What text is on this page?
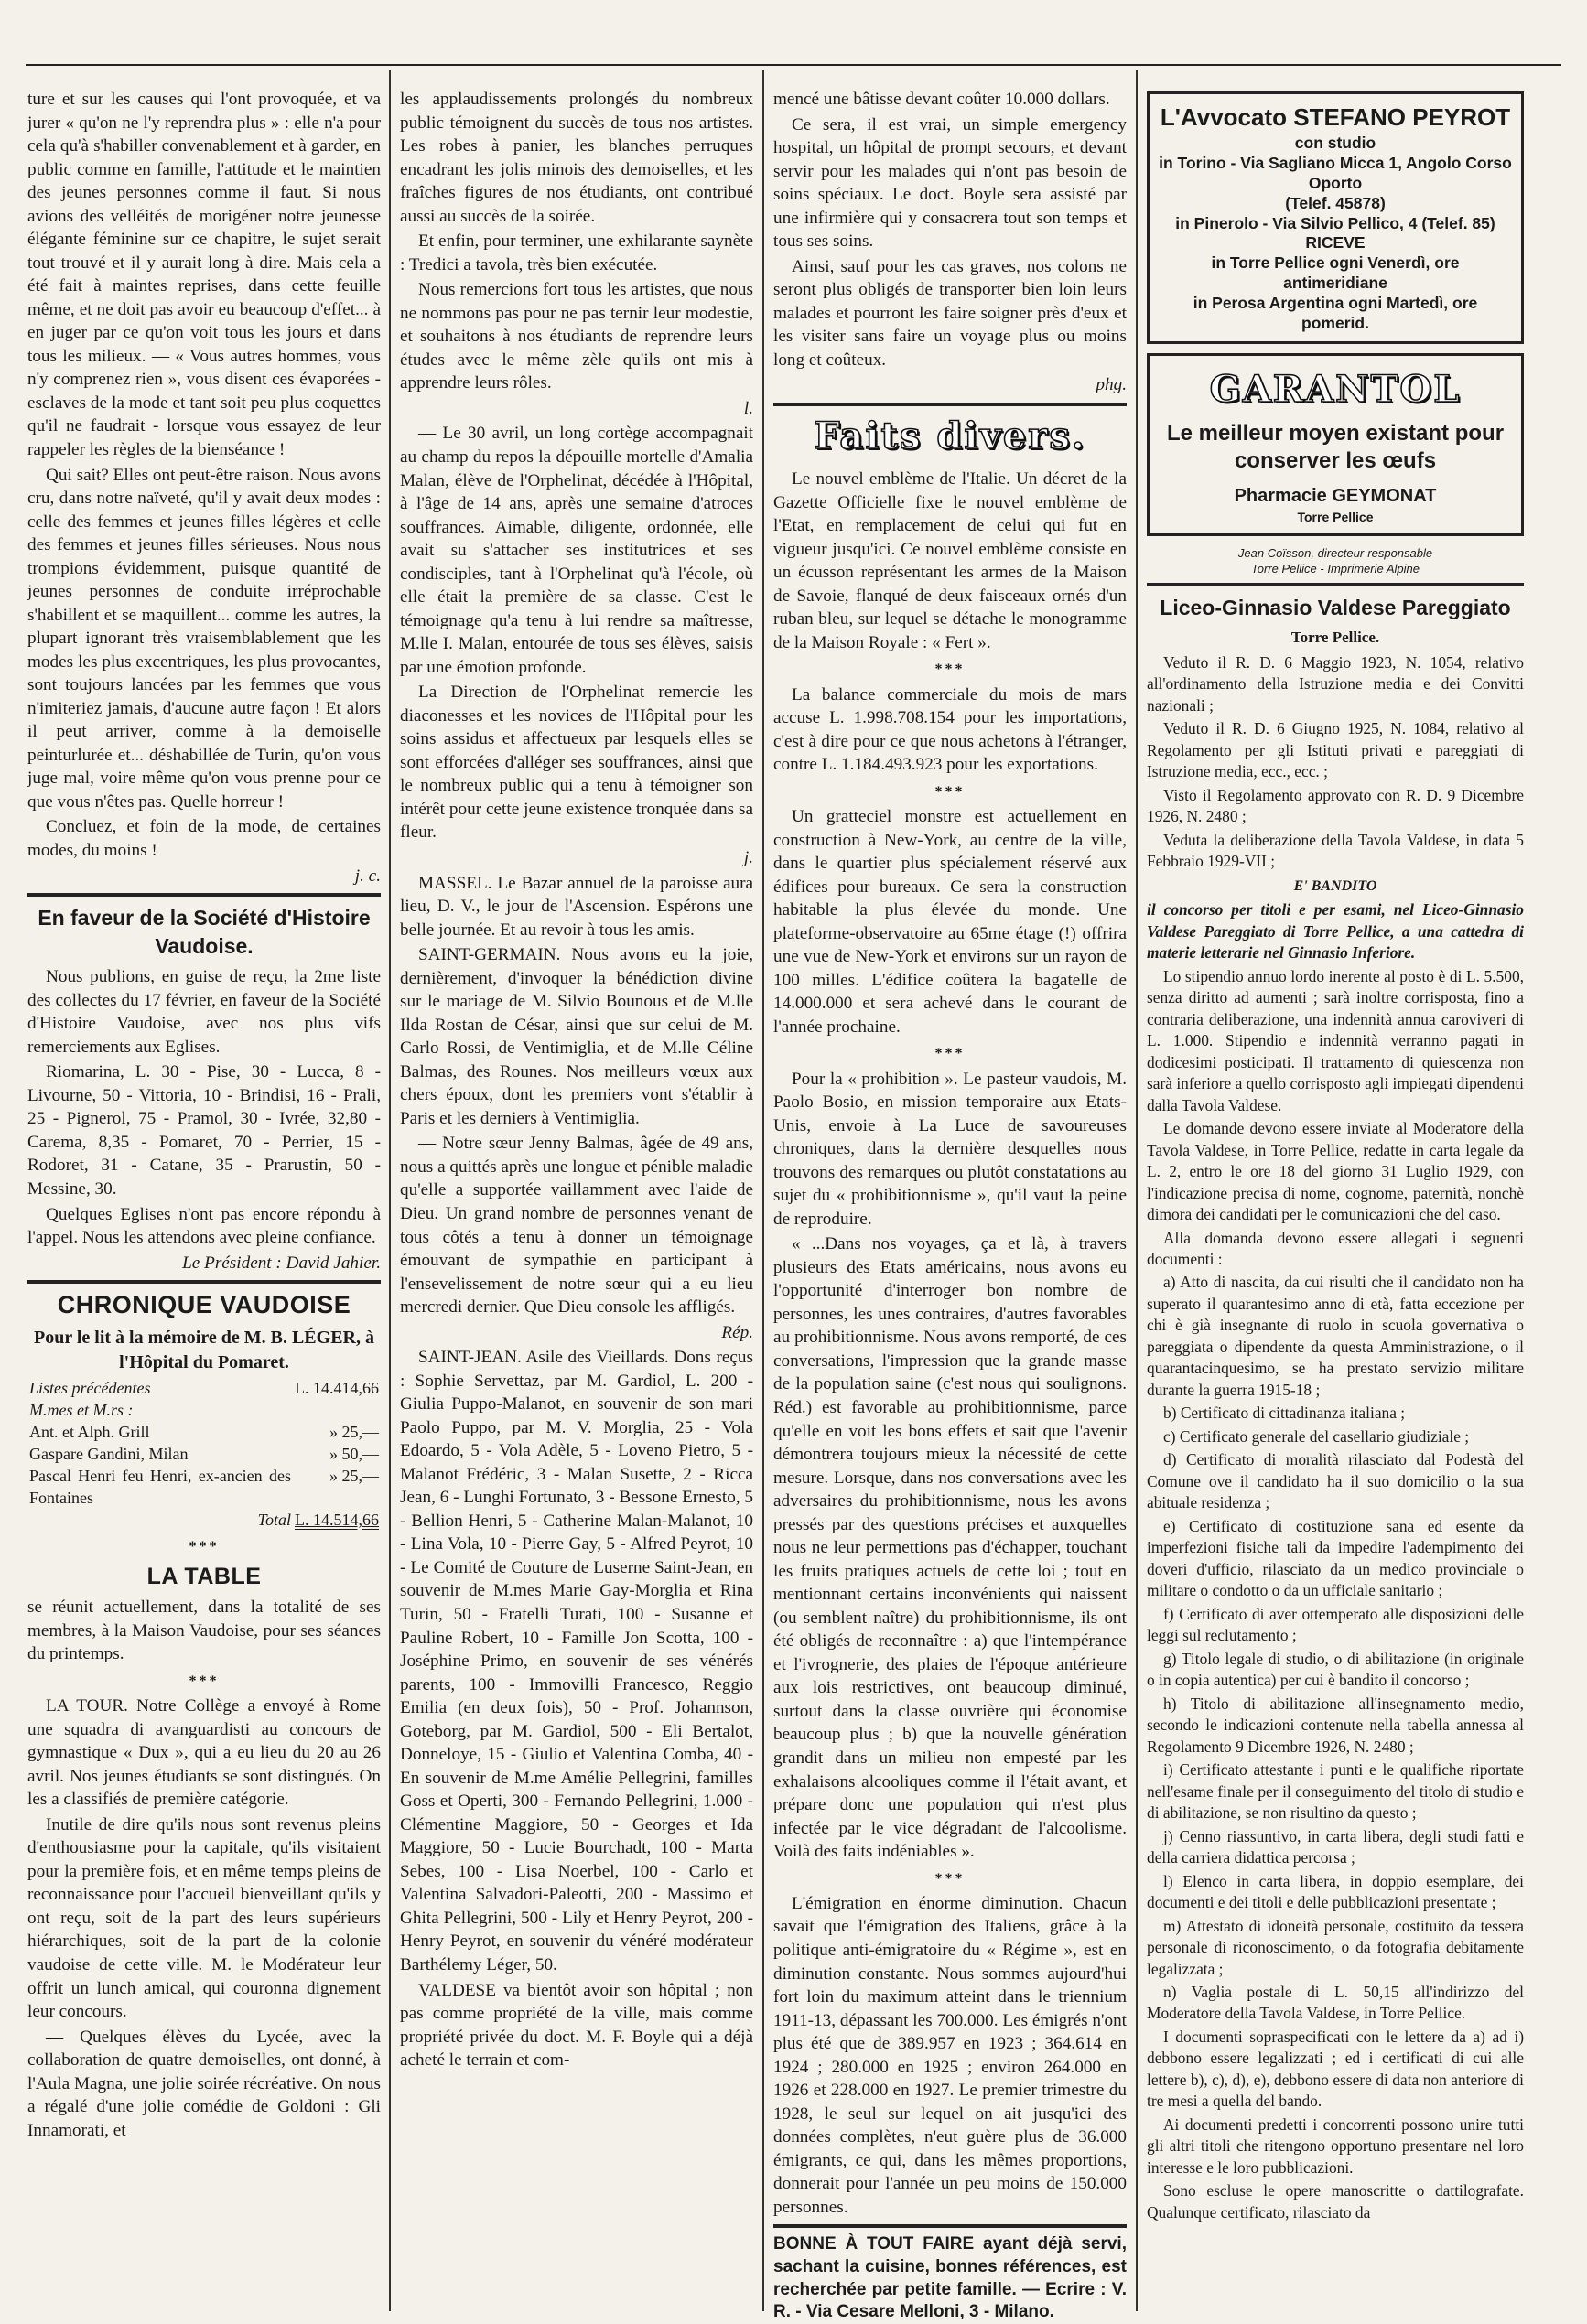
ture et sur les causes qui l'ont provoquée, et va jurer « qu'on ne l'y reprendra plus » : elle n'a pour cela qu'à s'habiller convenablement et à garder, en public comme en famille, l'attitude et le maintien des jeunes personnes comme il faut. Si nous avions des velléités de morigéner notre jeunesse élégante féminine sur ce chapitre, le sujet serait tout trouvé et il y aurait long à dire. Mais cela a été fait à maintes reprises, dans cette feuille même, et ne doit pas avoir eu beaucoup d'effet... à en juger par ce qu'on voit tous les jours et dans tous les milieux. — « Vous autres hommes, vous n'y comprenez rien », vous disent ces évaporées - esclaves de la mode et tant soit peu plus coquettes qu'il ne faudrait - lorsque vous essayez de leur rappeler les règles de la bienséance !

Qui sait? Elles ont peut-être raison. Nous avons cru, dans notre naïveté, qu'il y avait deux modes : celle des femmes et jeunes filles légères et celle des femmes et jeunes filles sérieuses. Nous nous trompions évidemment, puisque quantité de jeunes personnes de conduite irréprochable s'habillent et se maquillent... comme les autres, la plupart ignorant très vraisemblablement que les modes les plus excentriques, les plus provocantes, sont toujours lancées par les femmes que vous n'imiteriez jamais, d'aucune autre façon ! Et alors il peut arriver, comme à la demoiselle peinturlurée et... déshabillée de Turin, qu'on vous juge mal, voire même qu'on vous prenne pour ce que vous n'êtes pas. Quelle horreur !

Concluez, et foin de la mode, de certaines modes, du moins !

j. c.

En faveur de la Société d'Histoire Vaudoise.

Nous publions, en guise de reçu, la 2me liste des collectes du 17 février, en faveur de la Société d'Histoire Vaudoise, avec nos plus vifs remerciements aux Eglises.

Riomarina, L. 30 - Pise, 30 - Lucca, 8 - Livourne, 50 - Vittoria, 10 - Brindisi, 16 - Prali, 25 - Pignerol, 75 - Pramol, 30 - Ivrée, 32,80 - Carema, 8,35 - Pomaret, 70 - Perrier, 15 - Rodoret, 31 - Catane, 35 - Prarustin, 50 - Messine, 30.

Quelques Eglises n'ont pas encore répondu à l'appel. Nous les attendons avec pleine confiance.

Le Président : David Jahier.

CHRONIQUE VAUDOISE
Pour le lit à la mémoire de M. B. LÉGER, à l'Hôpital du Pomaret.
Listes précédentes	L. 14.414,66
M.mes et M.rs :	
Ant. et Alph. Grill	» 25,—
Gaspare Gandini, Milan	» 50,—
Pascal Henri feu Henri, ex-ancien des Fontaines	» 25,—
Total	L. 14.514,66
***
LA TABLE

se réunit actuellement, dans la totalité de ses membres, à la Maison Vaudoise, pour ses séances du printemps.

***

LA TOUR. Notre Collège a envoyé à Rome une squadra di avanguardisti au concours de gymnastique « Dux », qui a eu lieu du 20 au 26 avril. Nos jeunes étudiants se sont distingués. On les a classifiés de première catégorie.

Inutile de dire qu'ils nous sont revenus pleins d'enthousiasme pour la capitale, qu'ils visitaient pour la première fois, et en même temps pleins de reconnaissance pour l'accueil bienveillant qu'ils y ont reçu, soit de la part des leurs supérieurs hiérarchiques, soit de la part de la colonie vaudoise de cette ville. M. le Modérateur leur offrit un lunch amical, qui couronna dignement leur concours.

— Quelques élèves du Lycée, avec la collaboration de quatre demoiselles, ont donné, à l'Aula Magna, une jolie soirée récréative. On nous a régalé d'une jolie comédie de Goldoni : Gli Innamorati, et

les applaudissements prolongés du nombreux public témoignent du succès de tous nos artistes. Les robes à panier, les blanches perruques encadrant les jolis minois des demoiselles, et les fraîches figures de nos étudiants, ont contribué aussi au succès de la soirée.

Et enfin, pour terminer, une exhilarante saynète : Tredici a tavola, très bien exécutée.

Nous remercions fort tous les artistes, que nous ne nommons pas pour ne pas ternir leur modestie, et souhaitons à nos étudiants de reprendre leurs études avec le même zèle qu'ils ont mis à apprendre leurs rôles.

l.

— Le 30 avril, un long cortège accompagnait au champ du repos la dépouille mortelle d'Amalia Malan, élève de l'Orphelinat, décédée à l'Hôpital, à l'âge de 14 ans, après une semaine d'atroces souffrances. Aimable, diligente, ordonnée, elle avait su s'attacher ses institutrices et ses condisciples, tant à l'Orphelinat qu'à l'école, où elle était la première de sa classe. C'est le témoignage qu'a tenu à lui rendre sa maîtresse, M.lle I. Malan, entourée de tous ses élèves, saisis par une émotion profonde.

La Direction de l'Orphelinat remercie les diaconesses et les novices de l'Hôpital pour les soins assidus et affectueux par lesquels elles se sont efforcées d'alléger ses souffrances, ainsi que le nombreux public qui a tenu à témoigner son intérêt pour cette jeune existence tronquée dans sa fleur.

j.

MASSEL. Le Bazar annuel de la paroisse aura lieu, D. V., le jour de l'Ascension. Espérons une belle journée. Et au revoir à tous les amis.

SAINT-GERMAIN. Nous avons eu la joie, dernièrement, d'invoquer la bénédiction divine sur le mariage de M. Silvio Bounous et de M.lle Ilda Rostan de César, ainsi que sur celui de M. Carlo Rossi, de Ventimiglia, et de M.lle Céline Balmas, des Rounes. Nos meilleurs vœux aux chers époux, dont les premiers vont s'établir à Paris et les derniers à Ventimiglia.

— Notre sœur Jenny Balmas, âgée de 49 ans, nous a quittés après une longue et pénible maladie qu'elle a supportée vaillamment avec l'aide de Dieu. Un grand nombre de personnes venant de tous côtés a tenu à donner un témoignage émouvant de sympathie en participant à l'ensevelissement de notre sœur qui a eu lieu mercredi dernier. Que Dieu console les affligés.

Rép.

SAINT-JEAN. Asile des Vieillards. Dons reçus : Sophie Servettaz, par M. Gardiol, L. 200 - Giulia Puppo-Malanot, en souvenir de son mari Paolo Puppo, par M. V. Morglia, 25 - Vola Edoardo, 5 - Vola Adèle, 5 - Loveno Pietro, 5 - Malanot Frédéric, 3 - Malan Susette, 2 - Ricca Jean, 6 - Lunghi Fortunato, 3 - Bessone Ernesto, 5 - Bellion Henri, 5 - Catherine Malan-Malanot, 10 - Lina Vola, 10 - Pierre Gay, 5 - Alfred Peyrot, 10 - Le Comité de Couture de Luserne Saint-Jean, en souvenir de M.mes Marie Gay-Morglia et Rina Turin, 50 - Fratelli Turati, 100 - Susanne et Pauline Robert, 10 - Famille Jon Scotta, 100 - Joséphine Primo, en souvenir de ses vénérés parents, 100 - Immovilli Francesco, Reggio Emilia (en deux fois), 50 - Prof. Johannson, Goteborg, par M. Gardiol, 500 - Eli Bertalot, Donneloye, 15 - Giulio et Valentina Comba, 40 - En souvenir de M.me Amélie Pellegrini, familles Goss et Operti, 300 - Fernando Pellegrini, 1.000 - Clémentine Maggiore, 50 - Georges et Ida Maggiore, 50 - Lucie Bourchadt, 100 - Marta Sebes, 100 - Lisa Noerbel, 100 - Carlo et Valentina Salvadori-Paleotti, 200 - Massimo et Ghita Pellegrini, 500 - Lily et Henry Peyrot, 200 - Henry Peyrot, en souvenir du vénéré modérateur Barthélemy Léger, 50.

VALDESE va bientôt avoir son hôpital ; non pas comme propriété de la ville, mais comme propriété privée du doct. M. F. Boyle qui a déjà acheté le terrain et com-

mencé une bâtisse devant coûter 10.000 dollars.

Ce sera, il est vrai, un simple emergency hospital, un hôpital de prompt secours, et devant servir pour les malades qui n'ont pas besoin de soins spéciaux. Le doct. Boyle sera assisté par une infirmière qui y consacrera tout son temps et tous ses soins.

Ainsi, sauf pour les cas graves, nos colons ne seront plus obligés de transporter bien loin leurs malades et pourront les faire soigner près d'eux et les visiter sans faire un voyage plus ou moins long et coûteux.

phg.

Faits divers.

Le nouvel emblème de l'Italie. Un décret de la Gazette Officielle fixe le nouvel emblème de l'Etat, en remplacement de celui qui fut en vigueur jusqu'ici. Ce nouvel emblème consiste en un écusson représentant les armes de la Maison de Savoie, flanqué de deux faisceaux ornés d'un ruban bleu, sur lequel se détache le monogramme de la Maison Royale : « Fert ».

***

La balance commerciale du mois de mars accuse L. 1.998.708.154 pour les importations, c'est à dire pour ce que nous achetons à l'étranger, contre L. 1.184.493.923 pour les exportations.

***

Un gratteciel monstre est actuellement en construction à New-York, au centre de la ville, dans le quartier plus spécialement réservé aux édifices pour bureaux. Ce sera la construction habitable la plus élevée du monde. Une plateforme-observatoire au 65me étage (!) offrira une vue de New-York et environs sur un rayon de 100 milles. L'édifice coûtera la bagatelle de 14.000.000 et sera achevé dans le courant de l'année prochaine.

***

Pour la « prohibition ». Le pasteur vaudois, M. Paolo Bosio, en mission temporaire aux Etats-Unis, envoie à La Luce de savoureuses chroniques, dans la dernière desquelles nous trouvons des remarques ou plutôt constatations au sujet du « prohibitionnisme », qu'il vaut la peine de reproduire.

« ...Dans nos voyages, ça et là, à travers plusieurs des Etats américains, nous avons eu l'opportunité d'interroger bon nombre de personnes, les unes contraires, d'autres favorables au prohibitionnisme. Nous avons remporté, de ces conversations, l'impression que la grande masse de la population saine (c'est nous qui soulignons. Réd.) est favorable au prohibitionnisme, parce qu'elle en voit les bons effets et sait que l'avenir démontrera toujours mieux la nécessité de cette mesure. Lorsque, dans nos conversations avec les adversaires du prohibitionnisme, nous les avons pressés par des questions précises et auxquelles nous ne leur permettions pas d'échapper, touchant les fruits pratiques actuels de cette loi ; tout en mentionnant certains inconvénients qui naissent (ou semblent naître) du prohibitionnisme, ils ont été obligés de reconnaître : a) que l'intempérance et l'ivrognerie, des plaies de l'époque antérieure aux lois restrictives, ont beaucoup diminué, surtout dans la classe ouvrière qui économise beaucoup plus ; b) que la nouvelle génération grandit dans un milieu non empesté par les exhalaisons alcooliques comme il l'était avant, et prépare donc une population qui n'est plus infectée par le vice dégradant de l'alcoolisme. Voilà des faits indéniables ».

***

L'émigration en énorme diminution. Chacun savait que l'émigration des Italiens, grâce à la politique anti-émigratoire du « Régime », est en diminution constante. Nous sommes aujourd'hui fort loin du maximum atteint dans le triennium 1911-13, dépassant les 700.000. Les émigrés n'ont plus été que de 389.957 en 1923 ; 364.614 en 1924 ; 280.000 en 1925 ; environ 264.000 en 1926 et 228.000 en 1927. Le premier trimestre du 1928, le seul sur lequel on ait jusqu'ici des données complètes, n'eut guère plus de 36.000 émigrants, ce qui, dans les mêmes proportions, donnerait pour l'année un peu moins de 150.000 personnes.

BONNE À TOUT FAIRE ayant déjà servi, sachant la cuisine, bonnes références, est recherchée par petite famille. — Ecrire : V. R. - Via Cesare Melloni, 3 - Milano.

L'Avvocato STEFANO PEYROT
con studio
in Torino - Via Sagliano Micca 1, Angolo Corso Oporto
(Telef. 45878)
in Pinerolo - Via Silvio Pellico, 4 (Telef. 85)
RICEVE
in Torre Pellice ogni Venerdì, ore antimeridiane
in Perosa Argentina ogni Martedì, ore pomerid.
GARANTOL
Le meilleur moyen existant pour conserver les œufs
Pharmacie GEYMONAT
Torre Pellice
Jean Coïsson, directeur-responsable
Torre Pellice - Imprimerie Alpine
Liceo-Ginnasio Valdese Pareggiato
Torre Pellice.

Veduto il R. D. 6 Maggio 1923, N. 1054, relativo all'ordinamento della Istruzione media e dei Convitti nazionali ;

Veduto il R. D. 6 Giugno 1925, N. 1084, relativo al Regolamento per gli Istituti privati e pareggiati di Istruzione media, ecc., ecc. ;

Visto il Regolamento approvato con R. D. 9 Dicembre 1926, N. 2480 ;

Veduta la deliberazione della Tavola Valdese, in data 5 Febbraio 1929-VII ;

E' BANDITO

il concorso per titoli e per esami, nel Liceo-Ginnasio Valdese Pareggiato di Torre Pellice, a una cattedra di materie letterarie nel Ginnasio Inferiore.

Lo stipendio annuo lordo inerente al posto è di L. 5.500, senza diritto ad aumenti ; sarà inoltre corrisposta, fino a contraria deliberazione, una indennità annua caroviveri di L. 1.000. Stipendio e indennità verranno pagati in dodicesimi posticipati. Il trattamento di quiescenza non sarà inferiore a quello corrisposto agli impiegati dipendenti dalla Tavola Valdese.

Le domande devono essere inviate al Moderatore della Tavola Valdese, in Torre Pellice, redatte in carta legale da L. 2, entro le ore 18 del giorno 31 Luglio 1929, con l'indicazione precisa di nome, cognome, paternità, nonchè dimora dei candidati per le comunicazioni che del caso.

Alla domanda devono essere allegati i seguenti documenti :

a) Atto di nascita, da cui risulti che il candidato non ha superato il quarantesimo anno di età, fatta eccezione per chi è già insegnante di ruolo in scuola governativa o pareggiata o dipendente da questa Amministrazione, o il quarantacinquesimo, se ha prestato servizio militare durante la guerra 1915-18 ;

b) Certificato di cittadinanza italiana ;

c) Certificato generale del casellario giudiziale ;

d) Certificato di moralità rilasciato dal Podestà del Comune ove il candidato ha il suo domicilio o la sua abituale residenza ;

e) Certificato di costituzione sana ed esente da imperfezioni fisiche tali da impedire l'adempimento dei doveri d'ufficio, rilasciato da un medico provinciale o militare o condotto o da un ufficiale sanitario ;

f) Certificato di aver ottemperato alle disposizioni delle leggi sul reclutamento ;

g) Titolo legale di studio, o di abilitazione (in originale o in copia autentica) per cui è bandito il concorso ;

h) Titolo di abilitazione all'insegnamento medio, secondo le indicazioni contenute nella tabella annessa al Regolamento 9 Dicembre 1926, N. 2480 ;

i) Certificato attestante i punti e le qualifiche riportate nell'esame finale per il conseguimento del titolo di studio e di abilitazione, se non risultino da questo ;

j) Cenno riassuntivo, in carta libera, degli studi fatti e della carriera didattica percorsa ;

l) Elenco in carta libera, in doppio esemplare, dei documenti e dei titoli e delle pubblicazioni presentate ;

m) Attestato di idoneità personale, costituito da tessera personale di riconoscimento, o da fotografia debitamente legalizzata ;

n) Vaglia postale di L. 50,15 all'indirizzo del Moderatore della Tavola Valdese, in Torre Pellice.

I documenti sopraspecificati con le lettere da a) ad i) debbono essere legalizzati ; ed i certificati di cui alle lettere b), c), d), e), debbono essere di data non anteriore di tre mesi a quella del bando.

Ai documenti predetti i concorrenti possono unire tutti gli altri titoli che ritengono opportuno presentare nel loro interesse e le loro pubblicazioni.

Sono escluse le opere manoscritte o dattilografate. Qualunque certificato, rilasciato da
